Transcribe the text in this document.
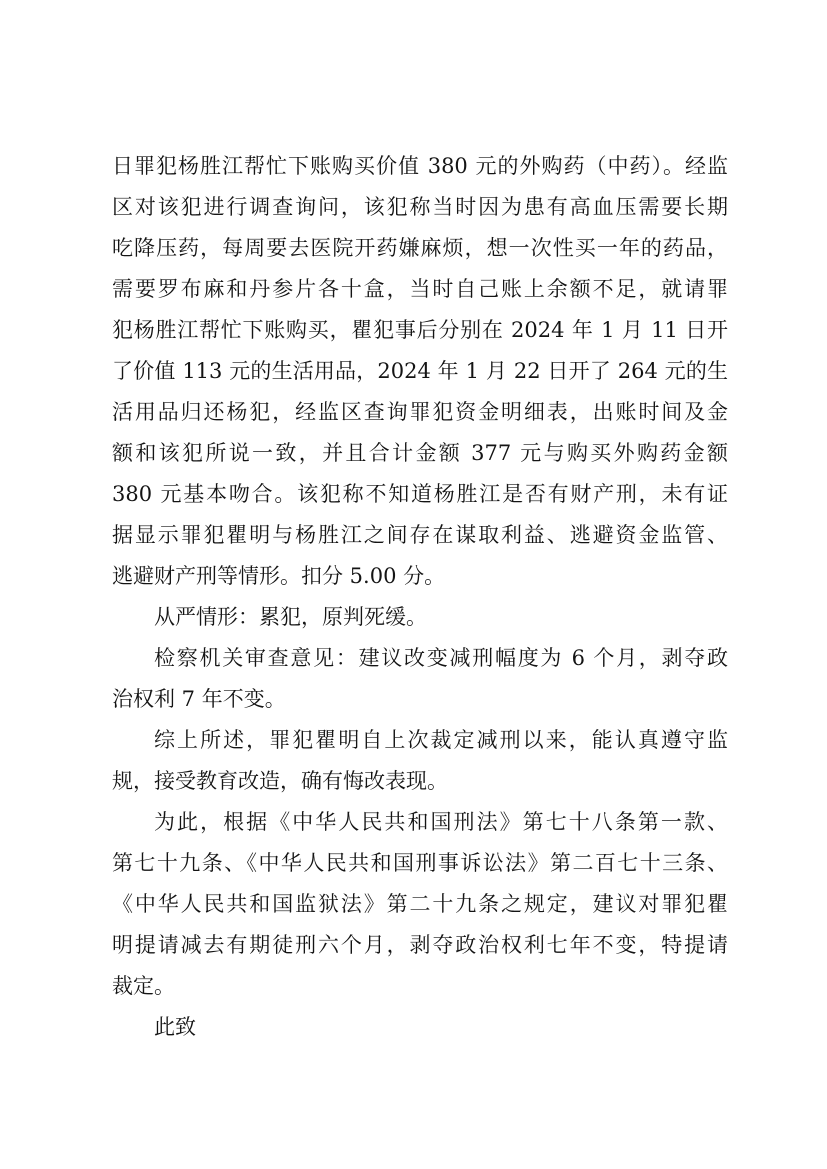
日罪犯杨胜江帮忙下账购买价值 380 元的外购药（中药）。经监
区对该犯进行调查询问，该犯称当时因为患有高血压需要长期
吃降压药，每周要去医院开药嫌麻烦，想一次性买一年的药品，
需要罗布麻和丹参片各十盒，当时自己账上余额不足，就请罪
犯杨胜江帮忙下账购买，瞿犯事后分别在 2024 年 1 月 11 日开
了价值 113 元的生活用品，2024 年 1 月 22 日开了 264 元的生
活用品归还杨犯，经监区查询罪犯资金明细表，出账时间及金
额和该犯所说一致，并且合计金额 377 元与购买外购药金额
380 元基本吻合。该犯称不知道杨胜江是否有财产刑，未有证
据显示罪犯瞿明与杨胜江之间存在谋取利益、逃避资金监管、
逃避财产刑等情形。扣分 5.00 分。
从严情形：累犯，原判死缓。
检察机关审查意见：建议改变减刑幅度为 6 个月，剥夺政
治权利 7 年不变。
综上所述，罪犯瞿明自上次裁定减刑以来，能认真遵守监
规，接受教育改造，确有悔改表现。
为此，根据《中华人民共和国刑法》第七十八条第一款、
第七十九条、《中华人民共和国刑事诉讼法》第二百七十三条、
《中华人民共和国监狱法》第二十九条之规定，建议对罪犯瞿
明提请减去有期徒刑六个月，剥夺政治权利七年不变，特提请
裁定。
此致
